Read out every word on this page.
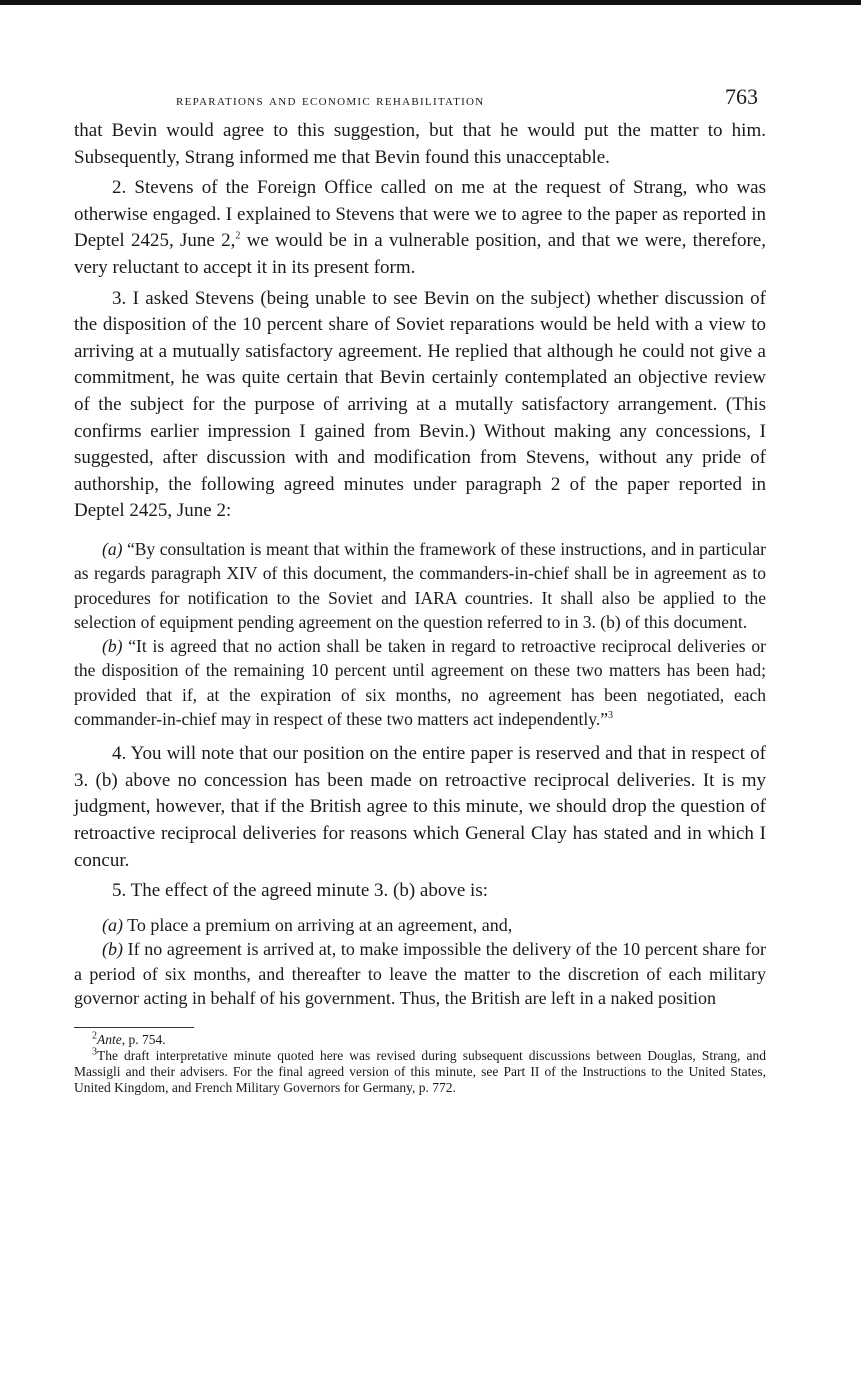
reparations and economic rehabilitation	763

that Bevin would agree to this suggestion, but that he would put the matter to him. Subsequently, Strang informed me that Bevin found this unacceptable.

2. Stevens of the Foreign Office called on me at the request of Strang, who was otherwise engaged. I explained to Stevens that were we to agree to the paper as reported in Deptel 2425, June 2,$^2$ we would be in a vulnerable position, and that we were, therefore, very reluctant to accept it in its present form.

3. I asked Stevens (being unable to see Bevin on the subject) whether discussion of the disposition of the 10 percent share of Soviet reparations would be held with a view to arriving at a mutually satisfactory agreement. He replied that although he could not give a commitment, he was quite certain that Bevin certainly contemplated an objective review of the subject for the purpose of arriving at a mutally satisfactory arrangement. (This confirms earlier impression I gained from Bevin.) Without making any concessions, I suggested, after discussion with and modification from Stevens, without any pride of authorship, the following agreed minutes under paragraph 2 of the paper reported in Deptel 2425, June 2:

(a) “By consultation is meant that within the framework of these instructions, and in particular as regards paragraph XIV of this document, the commanders-in-chief shall be in agreement as to procedures for notification to the Soviet and IARA countries. It shall also be applied to the selection of equipment pending agreement on the question referred to in 3. (b) of this document.

(b) “It is agreed that no action shall be taken in regard to retroactive reciprocal deliveries or the disposition of the remaining 10 percent until agreement on these two matters has been had; provided that if, at the expiration of six months, no agreement has been negotiated, each commander-in-chief may in respect of these two matters act independently.”$^3$

4. You will note that our position on the entire paper is reserved and that in respect of 3. (b) above no concession has been made on retroactive reciprocal deliveries. It is my judgment, however, that if the British agree to this minute, we should drop the question of retroactive reciprocal deliveries for reasons which General Clay has stated and in which I concur.

5. The effect of the agreed minute 3. (b) above is:

(a) To place a premium on arriving at an agreement, and,

(b) If no agreement is arrived at, to make impossible the delivery of the 10 percent share for a period of six months, and thereafter to leave the matter to the discretion of each military governor acting in behalf of his government. Thus, the British are left in a naked position

$^2$Ante, p. 754.

$^3$The draft interpretative minute quoted here was revised during subsequent discussions between Douglas, Strang, and Massigli and their advisers. For the final agreed version of this minute, see Part II of the Instructions to the United States, United Kingdom, and French Military Governors for Germany, p. 772.
